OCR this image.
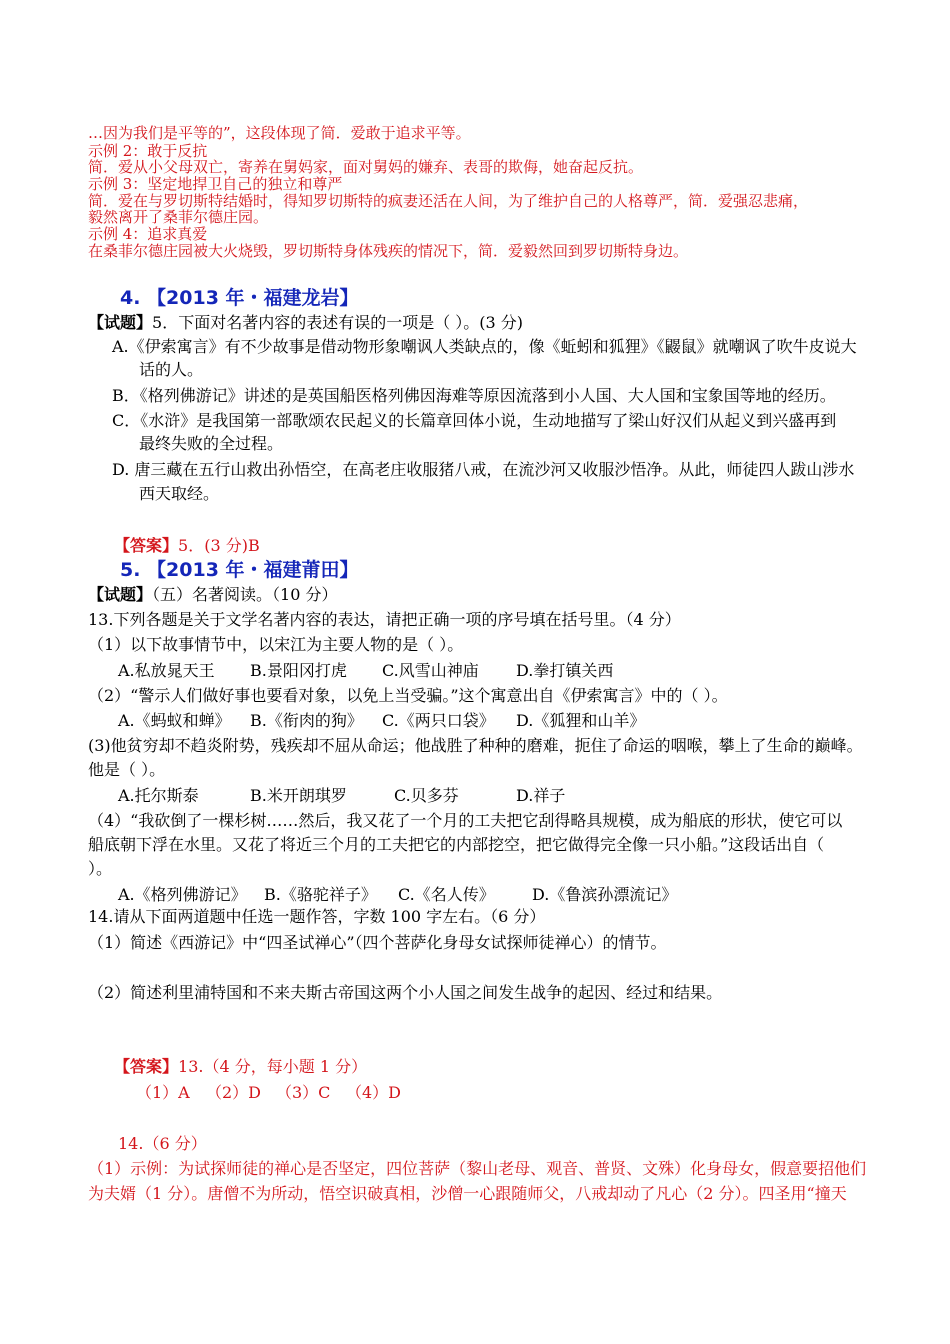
…因为我们是平等的”，这段体现了简．爱敢于追求平等。
示例 2：敢于反抗
简．爱从小父母双亡，寄养在舅妈家，面对舅妈的嫌弃、表哥的欺侮，她奋起反抗。
示例 3：坚定地捍卫自己的独立和尊严
简．爱在与罗切斯特结婚时，得知罗切斯特的疯妻还活在人间，为了维护自己的人格尊严，简．爱强忍悲痛，
毅然离开了桑菲尔德庄园。
示例 4：追求真爱
在桑菲尔德庄园被大火烧毁，罗切斯特身体残疾的情况下，简．爱毅然回到罗切斯特身边。
4. 【2013 年・福建龙岩】
【试题】5．下面对名著内容的表述有误的一项是（ ）。(3 分)
A.《伊索寓言》有不少故事是借动物形象嘲讽人类缺点的，像《蚯蚓和狐狸》《鼹鼠》就嘲讽了吹牛皮说大
话的人。
B．《格列佛游记》讲述的是英国船医格列佛因海难等原因流落到小人国、大人国和宝象国等地的经历。
C．《水浒》是我国第一部歌颂农民起义的长篇章回体小说，生动地描写了梁山好汉们从起义到兴盛再到
最终失败的全过程。
D. 唐三藏在五行山救出孙悟空，在高老庄收服猪八戒，在流沙河又收服沙悟净。从此，师徒四人跋山涉水
西天取经。
【答案】5．(3 分)B
5. 【2013 年・福建莆田】
【试题】（五）名著阅读。（10 分）
13.下列各题是关于文学名著内容的表达，请把正确一项的序号填在括号里。（4 分）
（1）以下故事情节中，以宋江为主要人物的是（ ）。
A.私放晁天王 B.景阳冈打虎 C.风雪山神庙 D.拳打镇关西
（2）“警示人们做好事也要看对象，以免上当受骗。”这个寓意出自《伊索寓言》中的（ ）。
A.《蚂蚁和蝉》 B.《衔肉的狗》 C.《两只口袋》 D.《狐狸和山羊》
(3)他贫穷却不趋炎附势，残疾却不屈从命运；他战胜了种种的磨难，扼住了命运的咽喉，攀上了生命的巅峰。
他是（ ）。
A.托尔斯泰	B.米开朗琪罗	C.贝多芬	D.祥子
（4）“我砍倒了一棵杉树……然后，我又花了一个月的工夫把它刮得略具规模，成为船底的形状，使它可以
船底朝下浮在水里。又花了将近三个月的工夫把它的内部挖空，把它做得完全像一只小船。”这段话出自（
）。
A.《格列佛游记》 B.《骆驼祥子》 C.《名人传》 D.《鲁滨孙漂流记》
14.请从下面两道题中任选一题作答，字数 100 字左右。（6 分）
（1）简述《西游记》中“四圣试禅心”（四个菩萨化身母女试探师徒禅心）的情节。
（2）简述利里浦特国和不来夫斯古帝国这两个小人国之间发生战争的起因、经过和结果。
【答案】13.（4 分，每小题 1 分）
（1）A （2）D （3）C （4）D
14.（6 分）
（1）示例：为试探师徒的禅心是否坚定，四位菩萨（黎山老母、观音、普贤、文殊）化身母女，假意要招他们
为夫婿（1 分）。唐僧不为所动，悟空识破真相，沙僧一心跟随师父，八戒却动了凡心（2 分）。四圣用“撞天
